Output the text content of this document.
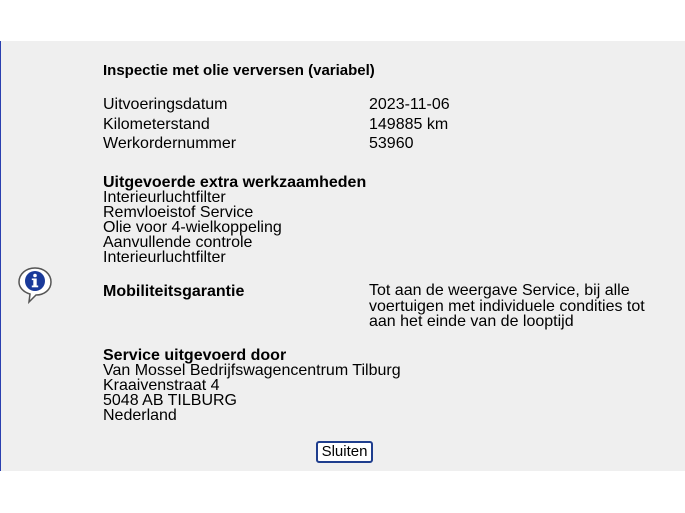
Inspectie met olie verversen (variabel)
Uitvoeringsdatum	2023-11-06
Kilometerstand	149885 km
Werkordernummer	53960
Uitgevoerde extra werkzaamheden
Interieurluchtfilter
Remvloeistof Service
Olie voor 4-wielkoppeling
Aanvullende controle
Interieurluchtfilter
Mobiliteitsgarantie	Tot aan de weergave Service, bij alle voertuigen met individuele condities tot aan het einde van de looptijd
Service uitgevoerd door
Van Mossel Bedrijfswagencentrum Tilburg
Kraaivenstraat 4
5048 AB TILBURG
Nederland
Sluiten
